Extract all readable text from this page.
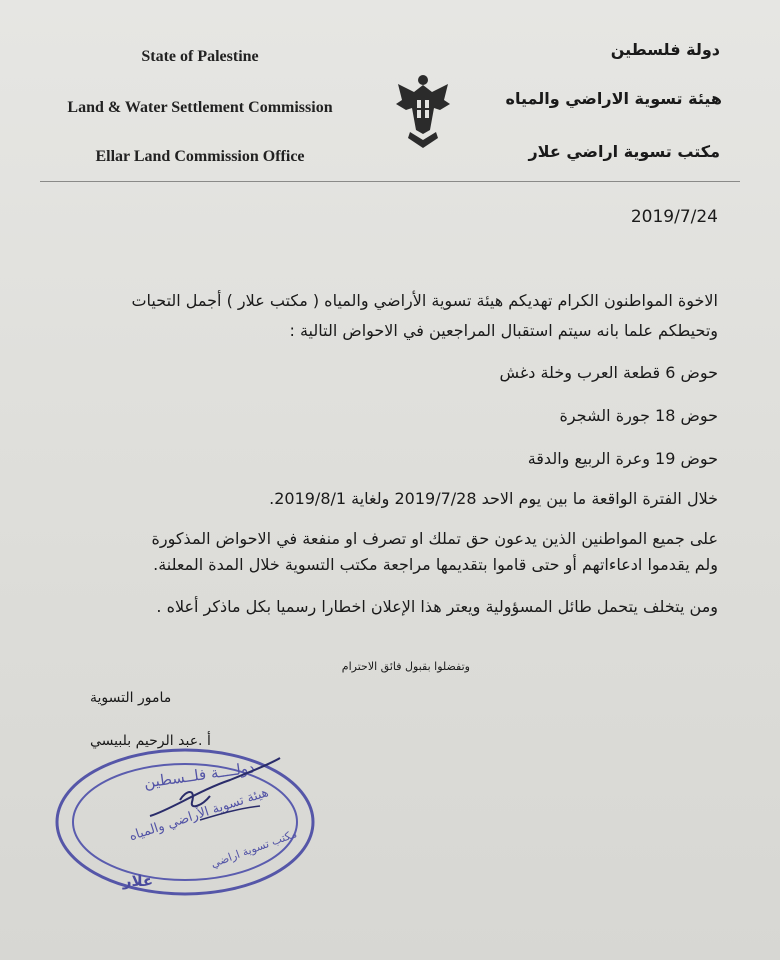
State of Palestine
Land & Water Settlement Commission
Ellar Land Commission Office
دولة فلسطين
هيئة تسوية الاراضي والمياه
مكتب تسوية اراضي علار
2019/7/24
الاخوة المواطنون الكرام تهديكم هيئة تسوية الأراضي والمياه ( مكتب علار ) أجمل التحيات
وتحيطكم علما بانه سيتم استقبال المراجعين في الاحواض التالية :
حوض 6 قطعة العرب وخلة دغش
حوض 18 جورة الشجرة
حوض 19 وعرة الربيع والدقة
خلال الفترة الواقعة ما بين يوم الاحد 2019/7/28 ولغاية 2019/8/1.
على جميع المواطنين الذين يدعون حق تملك او تصرف او منفعة في الاحواض المذكورة
ولم يقدموا ادعاءاتهم أو حتى قاموا بتقديمها مراجعة مكتب التسوية خلال المدة المعلنة.
ومن يتخلف يتحمل طائل المسؤولية ويعتر هذا الإعلان اخطارا رسميا بكل ماذكر أعلاه .
وتفضلوا بقبول فائق الاحترام
مامور التسوية
أ .عبد الرحيم بلبيسي
دولــــة فلــسطين
هيئة تسوية الأراضي والمياه
مكتب تسوية اراضي
علار
